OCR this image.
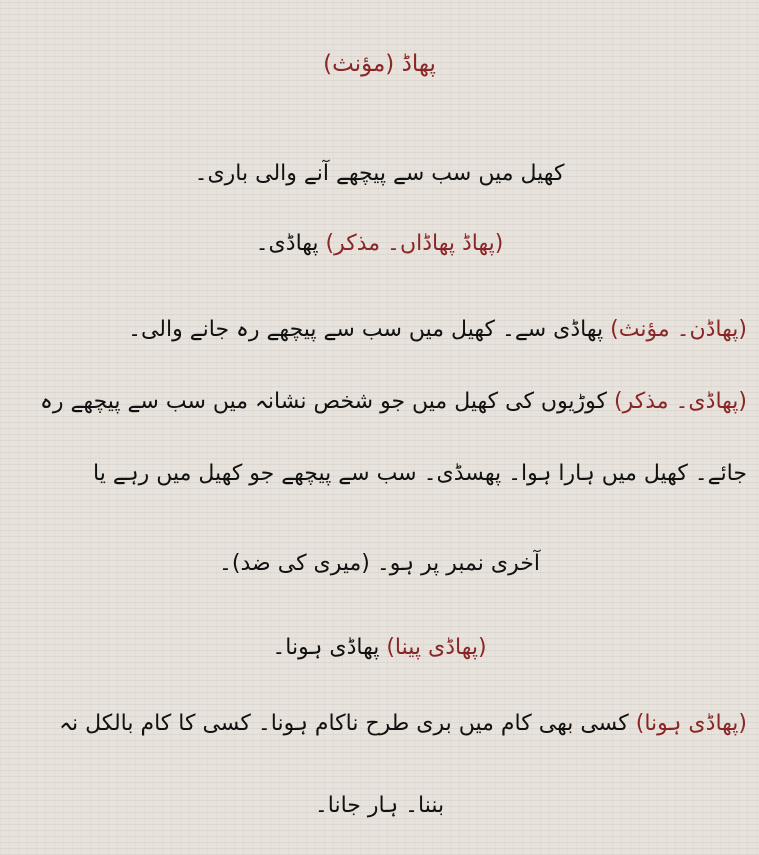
پھاڈ (مؤنث)
کھیل میں سب سے پیچھے آنے والی باری۔
(پھاڈ پھاڈاں۔ مذکر) پھاڈی۔
(پھاڈن۔ مؤنث) پھاڈی سے۔ کھیل میں سب سے پیچھے رہ جانے والی۔
(پھاڈی۔ مذکر) کوڑیوں کی کھیل میں جو شخص نشانہ میں سب سے پیچھے رہ
جائے۔ کھیل میں ہارا ہوا۔ پھسڈی۔ سب سے پیچھے جو کھیل میں رہے یا
آخری نمبر پر ہو۔ (میری کی ضد)۔
(پھاڈی پینا) پھاڈی ہونا۔
(پھاڈی ہونا) کسی بھی کام میں بری طرح ناکام ہونا۔ کسی کا کام بالکل نہ
بننا۔ ہار جانا۔
